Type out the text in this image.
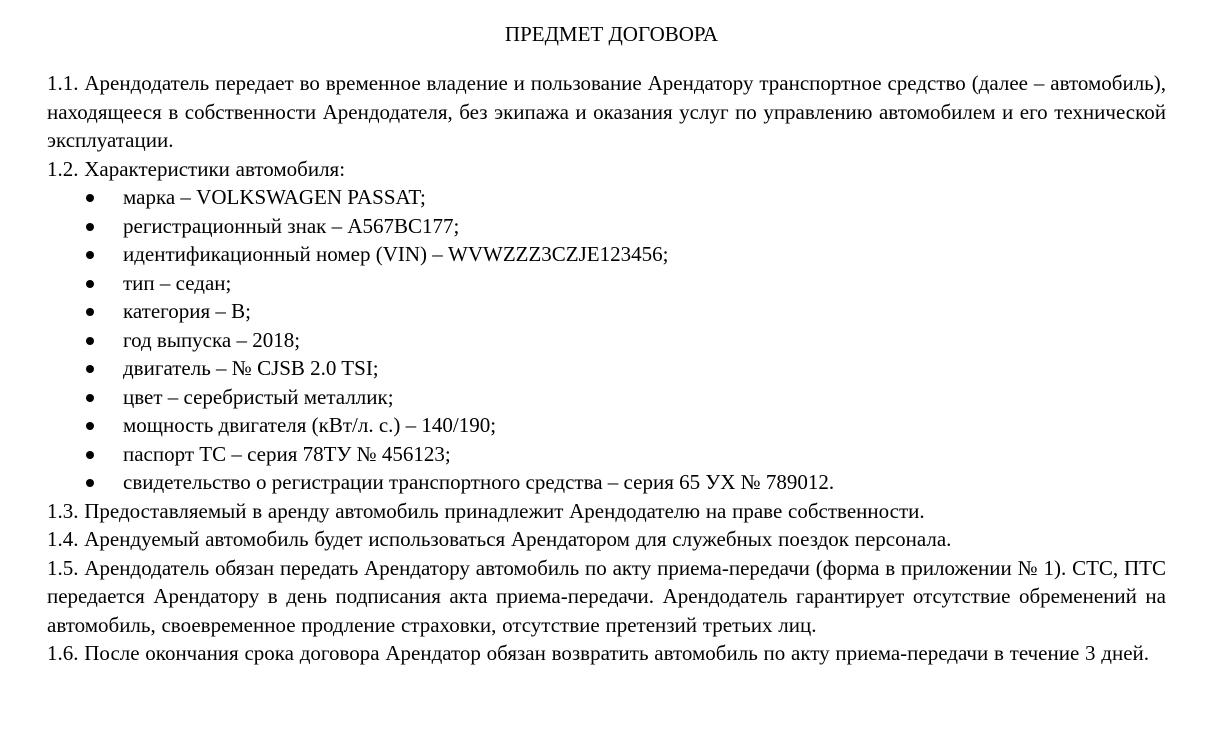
ПРЕДМЕТ ДОГОВОРА

1.1. Арендодатель передает во временное владение и пользование Арендатору транспортное средство (далее – автомобиль), находящееся в собственности Арендодателя, без экипажа и оказания услуг по управлению автомобилем и его технической эксплуатации.

1.2. Характеристики автомобиля:

марка – VOLKSWAGEN PASSAT;
регистрационный знак – А567ВС177;
идентификационный номер (VIN) – WVWZZZ3CZJE123456;
тип – седан;
категория – В;
год выпуска – 2018;
двигатель – № CJSB 2.0 TSI;
цвет – серебристый металлик;
мощность двигателя (кВт/л. с.) – 140/190;
паспорт ТС – серия 78ТУ № 456123;
свидетельство о регистрации транспортного средства – серия 65 УХ № 789012.

1.3. Предоставляемый в аренду автомобиль принадлежит Арендодателю на праве собственности.

1.4. Арендуемый автомобиль будет использоваться Арендатором для служебных поездок персонала.

1.5. Арендодатель обязан передать Арендатору автомобиль по акту приема-передачи (форма в приложении № 1). СТС, ПТС передается Арендатору в день подписания акта приема-передачи. Арендодатель гарантирует отсутствие обременений на автомобиль, своевременное продление страховки, отсутствие претензий третьих лиц.

1.6. После окончания срока договора Арендатор обязан возвратить автомобиль по акту приема-передачи в течение 3 дней.
